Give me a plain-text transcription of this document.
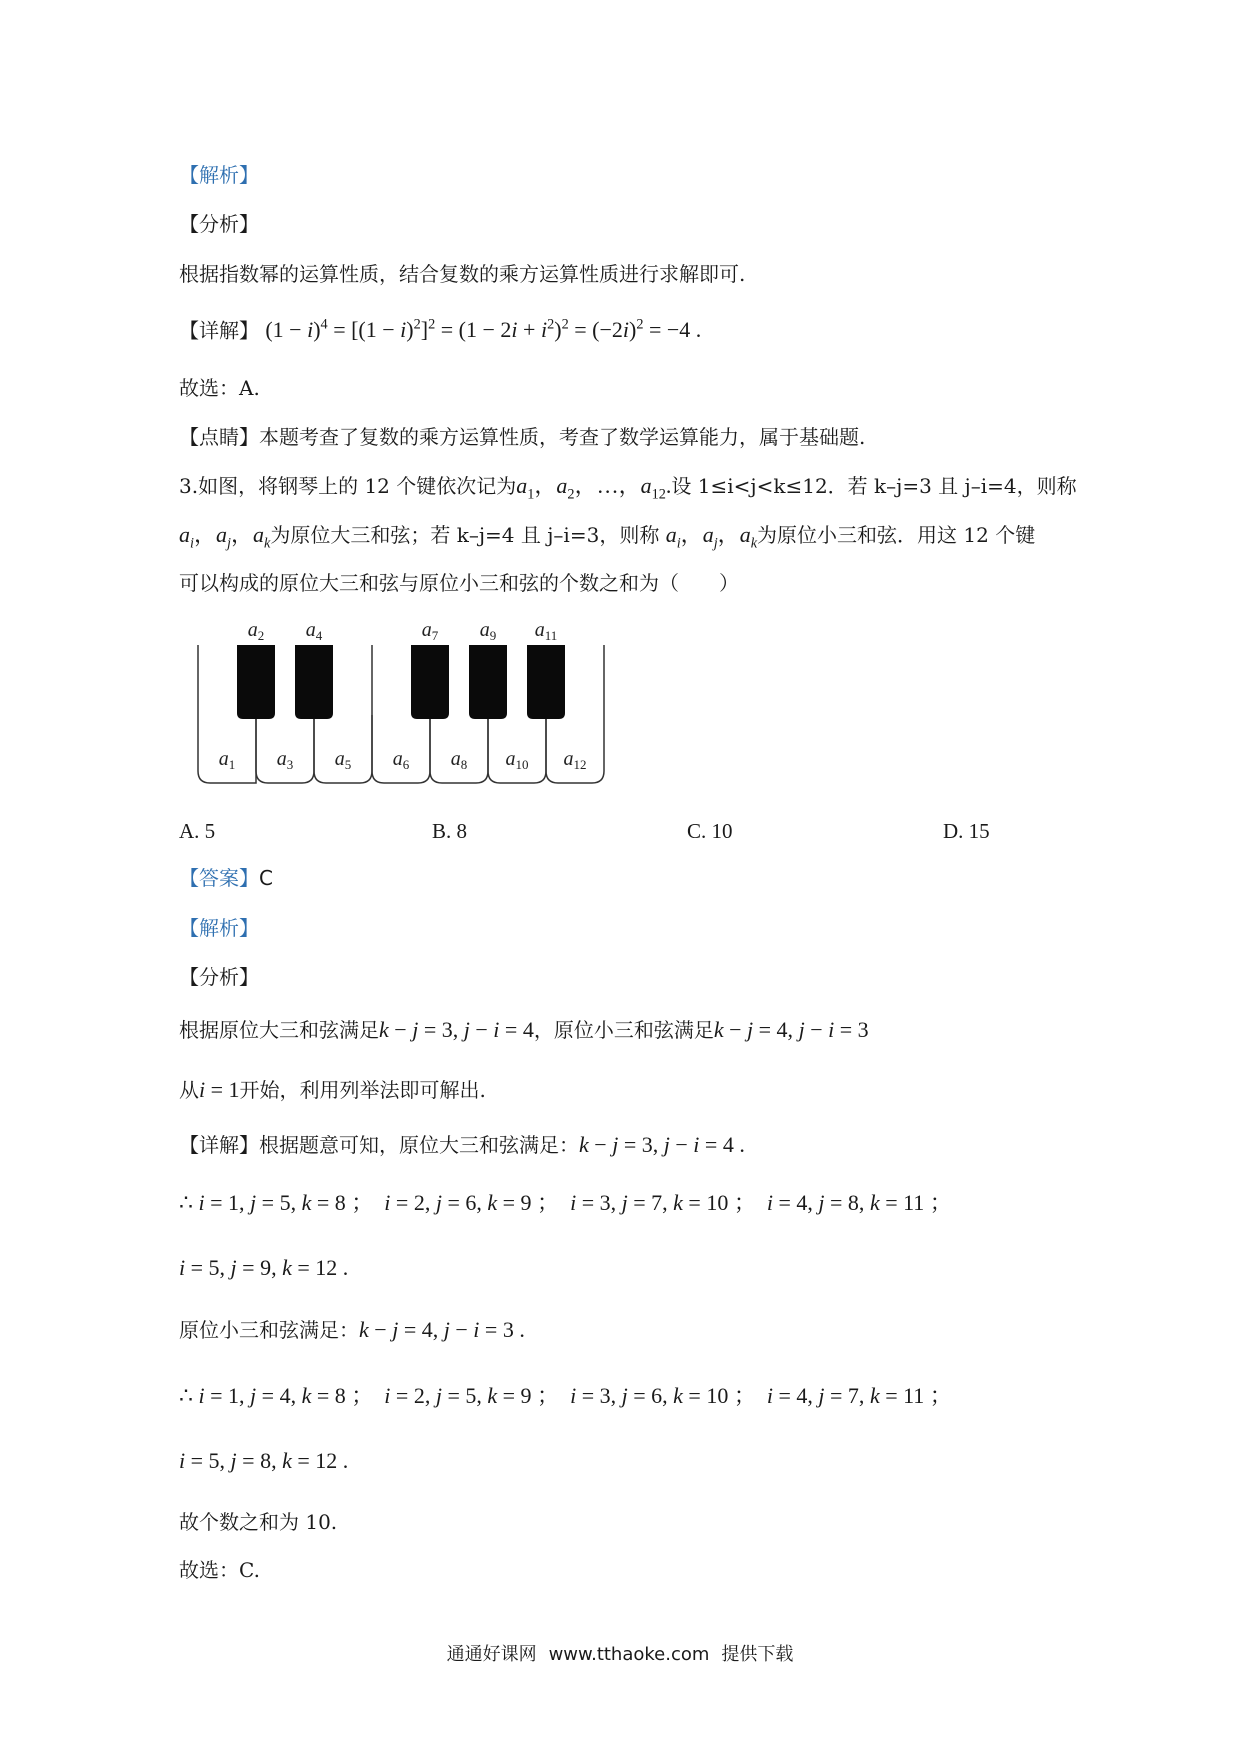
【解析】
【分析】
根据指数幂的运算性质，结合复数的乘方运算性质进行求解即可.
【详解】 $(1 - i)^4 = [(1 - i)^2]^2 = (1 - 2i + i^2)^2 = (-2i)^2 = -4$ .
故选：A.
【点睛】本题考查了复数的乘方运算性质，考查了数学运算能力，属于基础题.
3.如图，将钢琴上的 12 个键依次记为$a_1$，$a_2$，…，$a_{12}$.设 1≤i<j<k≤12．若 k–j=3 且 j–i=4，则称
$a_i$，$a_j$，$a_k$为原位大三和弦；若 k–j=4 且 j–i=3，则称 $a_i$，$a_j$，$a_k$为原位小三和弦．用这 12 个键
可以构成的原位大三和弦与原位小三和弦的个数之和为（　　）
$a_1$ $a_3$ $a_5$ $a_6$ $a_8$ $a_{10}$ $a_{12}$
$a_2$ $a_4$	$a_7$ $a_9$ $a_{11}$
A. 5	B. 8	C. 10	D. 15
【答案】C
【解析】
【分析】
根据原位大三和弦满足k − j = 3, j − i = 4，原位小三和弦满足k − j = 4, j − i = 3
从i = 1开始，利用列举法即可解出.
【详解】根据题意可知，原位大三和弦满足：k − j = 3, j − i = 4 .
∴ i = 1, j = 5, k = 8 ；  i = 2, j = 6, k = 9 ；  i = 3, j = 7, k = 10 ；  i = 4, j = 8, k = 11 ；
i = 5, j = 9, k = 12 .
原位小三和弦满足：k − j = 4, j − i = 3 .
∴ i = 1, j = 4, k = 8 ；  i = 2, j = 5, k = 9 ；  i = 3, j = 6, k = 10 ；  i = 4, j = 7, k = 11 ；
i = 5, j = 8, k = 12 .
故个数之和为 10.
故选：C.
通通好课网 www.tthaoke.com 提供下载
